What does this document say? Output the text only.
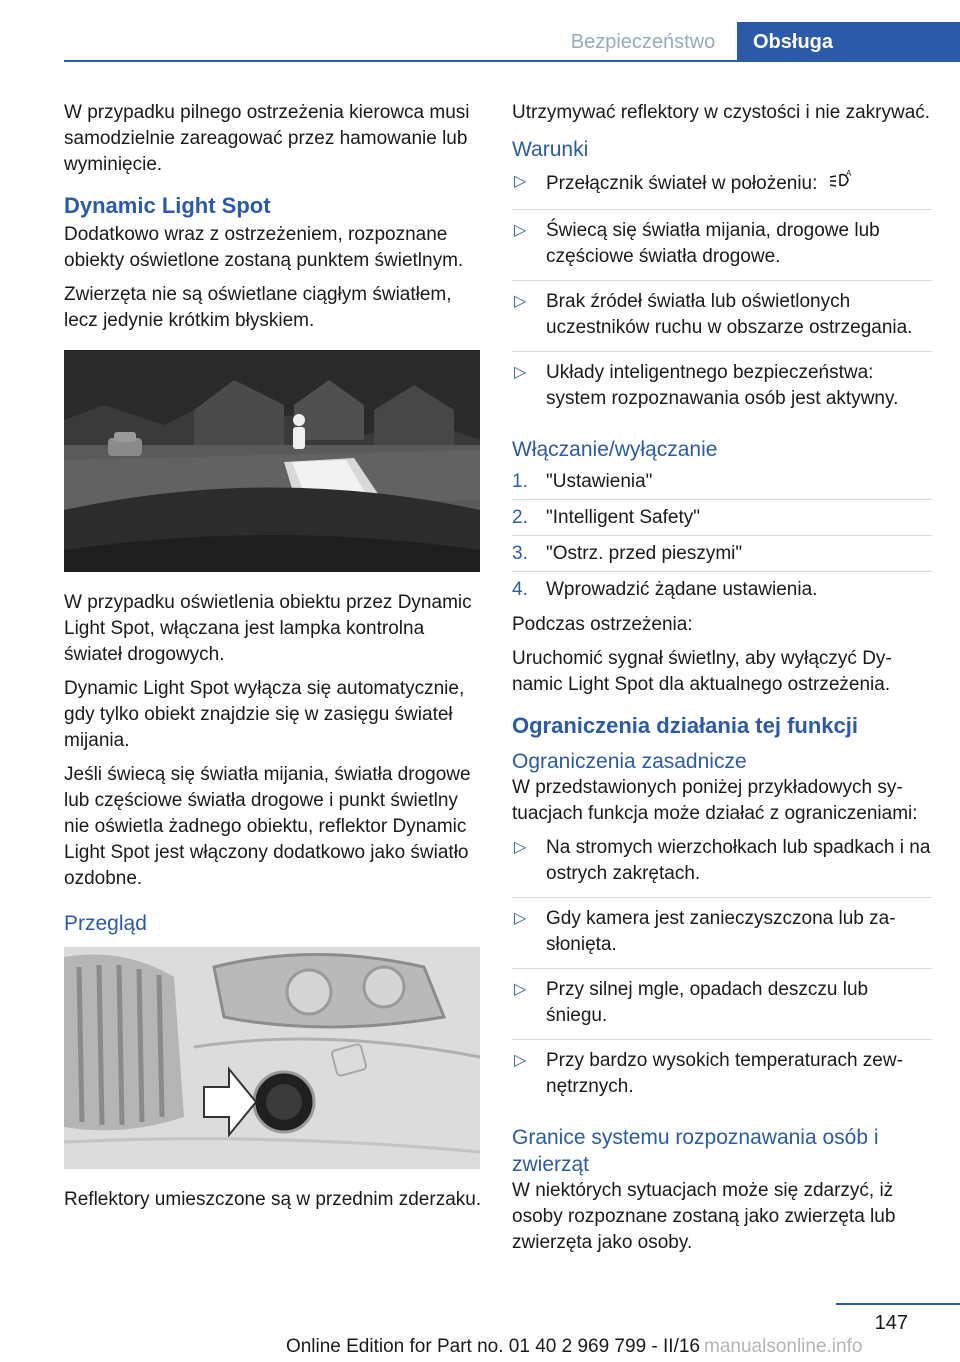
Bezpieczeństwo	Obsługa

W przypadku pilnego ostrzeżenia kierowca musi samodzielnie zareagować przez hamowanie lub wyminięcie.

Dynamic Light Spot

Dodatkowo wraz z ostrzeżeniem, rozpoznane obiekty oświetlone zostaną punktem świetlnym.

Zwierzęta nie są oświetlane ciągłym światłem, lecz jedynie krótkim błyskiem.

W przypadku oświetlenia obiektu przez Dynamic Light Spot, włączana jest lampka kontrolna świateł drogowych.

Dynamic Light Spot wyłącza się automatycznie, gdy tylko obiekt znajdzie się w zasięgu świateł mijania.

Jeśli świecą się światła mijania, światła drogowe lub częściowe światła drogowe i punkt świetlny nie oświetla żadnego obiektu, reflektor Dynamic Light Spot jest włączony dodatkowo jako światło ozdobne.

Przegląd

Reflektory umieszczone są w przednim zderzaku.

Utrzymywać reflektory w czystości i nie zakrywać.

Warunki
▷ Przełącznik świateł w położeniu:	A
▷ Świecą się światła mijania, drogowe lub częściowe światła drogowe.
▷ Brak źródeł światła lub oświetlonych uczestników ruchu w obszarze ostrzegania.
▷ Układy inteligentnego bezpieczeństwa: system rozpoznawania osób jest aktywny.
Włączanie/wyłączanie
1. "Ustawienia"
2. "Intelligent Safety"
3. "Ostrz. przed pieszymi"
4. Wprowadzić żądane ustawienia.

Podczas ostrzeżenia:

Uruchomić sygnał świetlny, aby wyłączyć Dynamic Light Spot dla aktualnego ostrzeżenia.

Ograniczenia działania tej funkcji
Ograniczenia zasadnicze

W przedstawionych poniżej przykładowych sytuacjach funkcja może działać z ograniczeniami:

▷ Na stromych wierzchołkach lub spadkach i na ostrych zakrętach.
▷ Gdy kamera jest zanieczyszczona lub zasłonięta.
▷ Przy silnej mgle, opadach deszczu lub śniegu.
▷ Przy bardzo wysokich temperaturach zewnętrznych.
Granice systemu rozpoznawania osób i zwierząt

W niektórych sytuacjach może się zdarzyć, iż osoby rozpoznane zostaną jako zwierzęta lub zwierzęta jako osoby.

147
Online Edition for Part no. 01 40 2 969 799 - II/16 manualsonline.info
